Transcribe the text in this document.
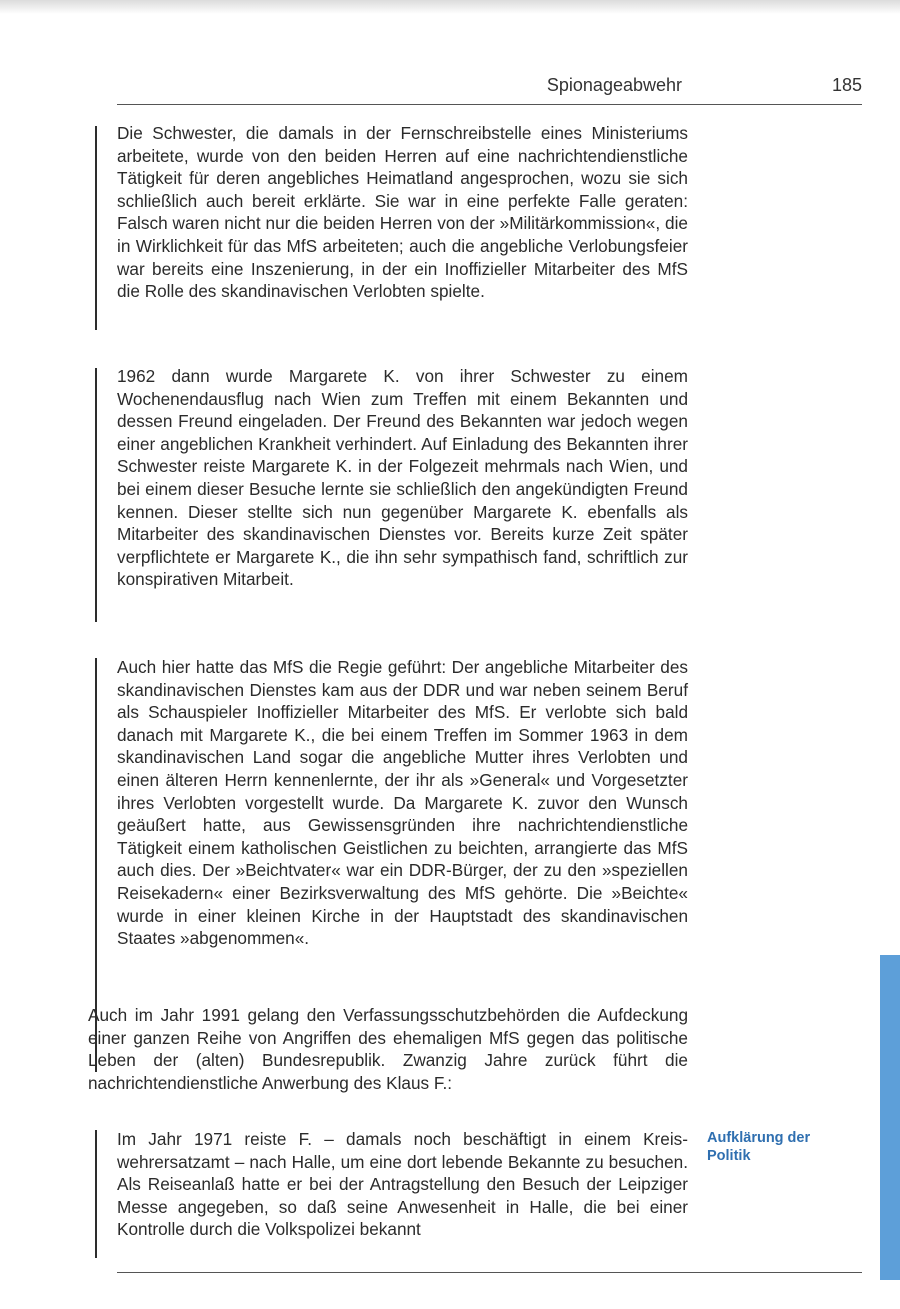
Spionageabwehr	185

Die Schwester, die damals in der Fernschreibstelle eines Ministeriums arbeitete, wurde von den beiden Herren auf eine nachrichtendienstliche Tätigkeit für deren angebliches Heimatland angesprochen, wozu sie sich schließlich auch bereit erklärte. Sie war in eine perfekte Falle geraten: Falsch waren nicht nur die beiden Herren von der »Militärkommission«, die in Wirklichkeit für das MfS arbeiteten; auch die angebliche Verlobungsfeier war bereits eine Inszenierung, in der ein Inoffizieller Mitarbeiter des MfS die Rolle des skandinavischen Verlobten spielte.

1962 dann wurde Margarete K. von ihrer Schwester zu einem Wochenendausflug nach Wien zum Treffen mit einem Bekannten und dessen Freund eingeladen. Der Freund des Bekannten war jedoch wegen einer angeblichen Krankheit verhindert. Auf Einladung des Bekannten ihrer Schwester reiste Margarete K. in der Folgezeit mehrmals nach Wien, und bei einem dieser Besuche lernte sie schließlich den angekündigten Freund kennen. Dieser stellte sich nun gegenüber Margarete K. ebenfalls als Mitarbeiter des skandinavischen Dienstes vor. Bereits kurze Zeit später verpflichtete er Margarete K., die ihn sehr sympathisch fand, schriftlich zur konspirativen Mitarbeit.

Auch hier hatte das MfS die Regie geführt: Der angebliche Mitarbeiter des skandinavischen Dienstes kam aus der DDR und war neben seinem Beruf als Schauspieler Inoffizieller Mitarbeiter des MfS. Er verlobte sich bald danach mit Margarete K., die bei einem Treffen im Sommer 1963 in dem skandinavischen Land sogar die angebliche Mutter ihres Verlobten und einen älteren Herrn kennenlernte, der ihr als »General« und Vorgesetzter ihres Verlobten vorgestellt wurde. Da Margarete K. zuvor den Wunsch geäußert hatte, aus Gewissensgründen ihre nachrichtendienstliche Tätigkeit einem katholischen Geistlichen zu beichten, arrangierte das MfS auch dies. Der »Beichtvater« war ein DDR-Bürger, der zu den »speziellen Reisekadern« einer Bezirksverwaltung des MfS gehörte. Die »Beichte« wurde in einer kleinen Kirche in der Hauptstadt des skandinavischen Staates »abgenommen«.

Auch im Jahr 1991 gelang den Verfassungsschutzbehörden die Aufdeckung einer ganzen Reihe von Angriffen des ehemaligen MfS gegen das politische Leben der (alten) Bundesrepublik. Zwanzig Jahre zurück führt die nachrichtendienstliche Anwerbung des Klaus F.:

Im Jahr 1971 reiste F. – damals noch beschäftigt in einem Kreiswehrersatzamt – nach Halle, um eine dort lebende Bekannte zu besuchen. Als Reiseanlaß hatte er bei der Antragstellung den Besuch der Leipziger Messe angegeben, so daß seine Anwesenheit in Halle, die bei einer Kontrolle durch die Volkspolizei bekannt

Aufklärung der Politik
